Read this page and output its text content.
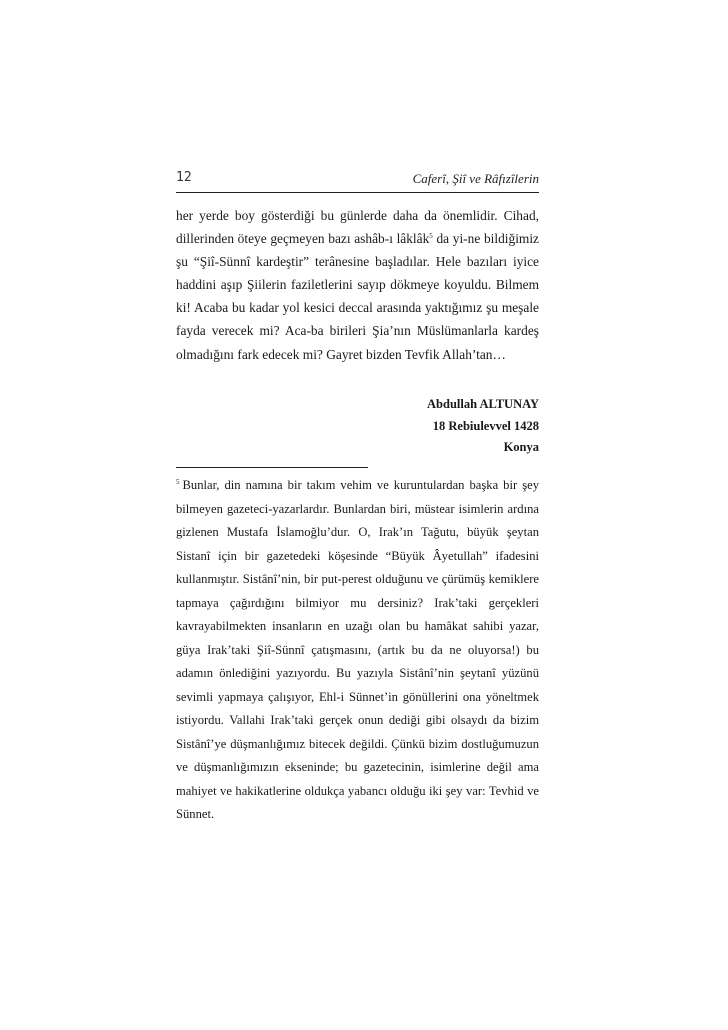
12	Caferî, Şiî ve Râfızîlerin

her yerde boy gösterdiği bu günlerde daha da önemlidir. Cihad, dillerinden öteye geçmeyen bazı ashâb-ı lâklâk$^5$ da yi-ne bildiğimiz şu “Şiî-Sünnî kardeştir” terânesine başladılar. Hele bazıları iyice haddini aşıp Şiilerin faziletlerini sayıp dökmeye koyuldu. Bilmem ki! Acaba bu kadar yol kesici deccal arasında yaktığımız şu meşale fayda verecek mi? Aca-ba birileri Şia’nın Müslümanlarla kardeş olmadığını fark edecek mi? Gayret bizden Tevfik Allah’tan…

Abdullah ALTUNAY
18 Rebiulevvel 1428
Konya

$^5$ Bunlar, din namına bir takım vehim ve kuruntulardan başka bir şey bilmeyen gazeteci-yazarlardır. Bunlardan biri, müstear isimlerin ardına gizlenen Mustafa İslamoğlu’dur. O, Irak’ın Tağutu, büyük şeytan Sistanî için bir gazetedeki köşesinde “Büyük Âyetullah” ifadesini kullanmıştır. Sistânî’nin, bir put-perest olduğunu ve çürümüş kemiklere tapmaya çağırdığını bilmiyor mu dersiniz? Irak’taki gerçekleri kavrayabilmekten insanların en uzağı olan bu hamâkat sahibi yazar, güya Irak’taki Şiî-Sünnî çatışmasını, (artık bu da ne oluyorsa!) bu adamın önlediğini yazıyordu. Bu yazıyla Sistânî’nin şeytanî yüzünü sevimli yapmaya çalışıyor, Ehl-i Sünnet’in gönüllerini ona yöneltmek istiyordu. Vallahi Irak’taki gerçek onun dediği gibi olsaydı da bizim Sistânî’ye düşmanlığımız bitecek değildi. Çünkü bizim dostluğumuzun ve düşmanlığımızın ekseninde; bu gazetecinin, isimlerine değil ama mahiyet ve hakikatlerine oldukça yabancı olduğu iki şey var: Tevhid ve Sünnet.
